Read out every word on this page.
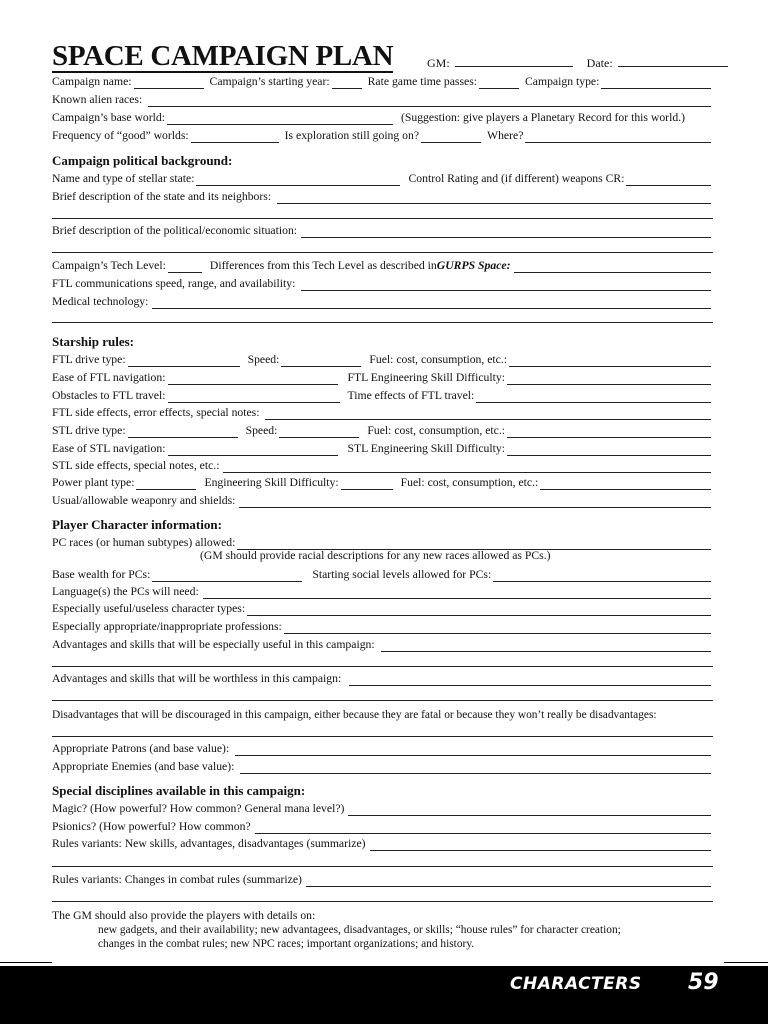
SPACE CAMPAIGN PLAN	GM:	Date:
Campaign name:	Campaign’s starting year:	Rate game time passes:	Campaign type:
Known alien races:
Campaign’s base world:	(Suggestion: give players a Planetary Record for this world.)
Frequency of “good” worlds:	Is exploration still going on?	Where?
Campaign political background:
Name and type of stellar state:	Control Rating and (if different) weapons CR:
Brief description of the state and its neighbors:
Brief description of the political/economic situation:
Campaign’s Tech Level:	Differences from this Tech Level as described in GURPS Space:
FTL communications speed, range, and availability:
Medical technology:
Starship rules:
FTL drive type:	Speed:	Fuel: cost, consumption, etc.:
Ease of FTL navigation:	FTL Engineering Skill Difficulty:
Obstacles to FTL travel:	Time effects of FTL travel:
FTL side effects, error effects, special notes:
STL drive type:	Speed:	Fuel: cost, consumption, etc.:
Ease of STL navigation:	STL Engineering Skill Difficulty:
STL side effects, special notes, etc.:
Power plant type:	Engineering Skill Difficulty:	Fuel: cost, consumption, etc.:
Usual/allowable weaponry and shields:
Player Character information:
PC races (or human subtypes) allowed:
(GM should provide racial descriptions for any new races allowed as PCs.)
Base wealth for PCs:	Starting social levels allowed for PCs:
Language(s) the PCs will need:
Especially useful/useless character types:
Especially appropriate/inappropriate professions:
Advantages and skills that will be especially useful in this campaign:
Advantages and skills that will be worthless in this campaign:
Disadvantages that will be discouraged in this campaign, either because they are fatal or because they won’t really be disadvantages:
Appropriate Patrons (and base value):
Appropriate Enemies (and base value):
Special disciplines available in this campaign:
Magic? (How powerful? How common? General mana level?)
Psionics? (How powerful? How common?
Rules variants: New skills, advantages, disadvantages (summarize)
Rules variants: Changes in combat rules (summarize)
The GM should also provide the players with details on:
new gadgets, and their availability; new advantagees, disadvantages, or skills; “house rules” for character creation;
changes in the combat rules; new NPC races; important organizations; and history.
CHARACTERS 59
